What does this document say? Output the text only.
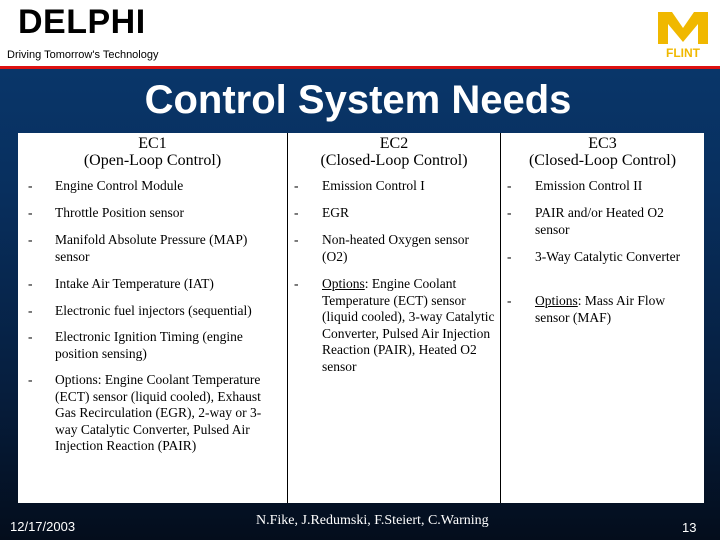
DELPHI
Driving Tomorrow's Technology	FLINT
Control System Needs
EC1
(Open-Loop Control)
- Engine Control Module
- Throttle Position sensor
- Manifold Absolute Pressure (MAP) sensor
- Intake Air Temperature (IAT)
- Electronic fuel injectors (sequential)
- Electronic Ignition Timing (engine position sensing)
- Options: Engine Coolant Temperature (ECT) sensor (liquid cooled), Exhaust Gas Recirculation (EGR), 2-way or 3-way Catalytic Converter, Pulsed Air Injection Reaction (PAIR)
EC2
(Closed-Loop Control)
- Emission Control I
- EGR
- Non-heated Oxygen sensor (O2)
- Options: Engine Coolant Temperature (ECT) sensor (liquid cooled), 3-way Catalytic Converter, Pulsed Air Injection Reaction (PAIR), Heated O2 sensor
EC3
(Closed-Loop Control)
- Emission Control II
- PAIR and/or Heated O2 sensor
- 3-Way Catalytic Converter
- Options: Mass Air Flow sensor (MAF)
12/17/2003	N.Fike, J.Redumski, F.Steiert, C.Warning	13
